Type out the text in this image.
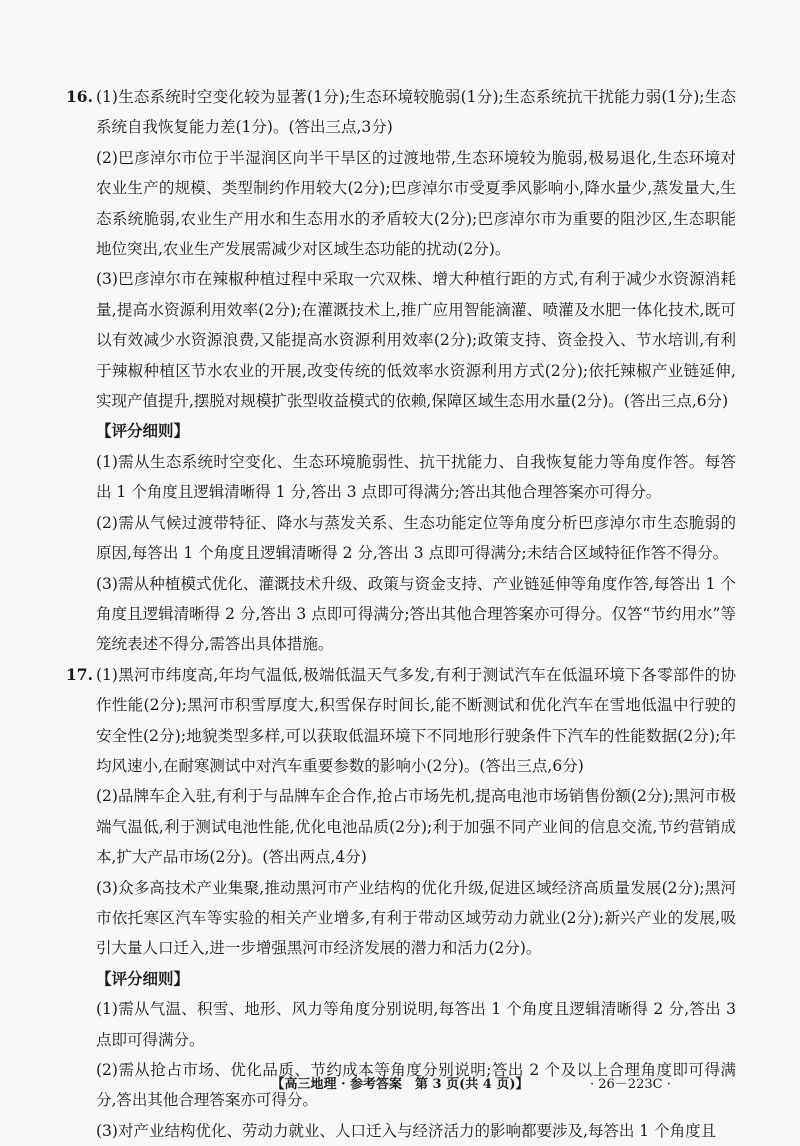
16. (1)生态系统时空变化较为显著(1分);生态环境较脆弱(1分);生态系统抗干扰能力弱(1分);生态系统自我恢复能力差(1分)。(答出三点,3分)

(2)巴彦淖尔市位于半湿润区向半干旱区的过渡地带,生态环境较为脆弱,极易退化,生态环境对农业生产的规模、类型制约作用较大(2分);巴彦淖尔市受夏季风影响小,降水量少,蒸发量大,生态系统脆弱,农业生产用水和生态用水的矛盾较大(2分);巴彦淖尔市为重要的阻沙区,生态职能地位突出,农业生产发展需减少对区域生态功能的扰动(2分)。

(3)巴彦淖尔市在辣椒种植过程中采取一穴双株、增大种植行距的方式,有利于减少水资源消耗量,提高水资源利用效率(2分);在灌溉技术上,推广应用智能滴灌、喷灌及水肥一体化技术,既可以有效减少水资源浪费,又能提高水资源利用效率(2分);政策支持、资金投入、节水培训,有利于辣椒种植区节水农业的开展,改变传统的低效率水资源利用方式(2分);依托辣椒产业链延伸,实现产值提升,摆脱对规模扩张型收益模式的依赖,保障区域生态用水量(2分)。(答出三点,6分)

【评分细则】

(1)需从生态系统时空变化、生态环境脆弱性、抗干扰能力、自我恢复能力等角度作答。每答出 1 个角度且逻辑清晰得 1 分,答出 3 点即可得满分;答出其他合理答案亦可得分。

(2)需从气候过渡带特征、降水与蒸发关系、生态功能定位等角度分析巴彦淖尔市生态脆弱的原因,每答出 1 个角度且逻辑清晰得 2 分,答出 3 点即可得满分;未结合区域特征作答不得分。

(3)需从种植模式优化、灌溉技术升级、政策与资金支持、产业链延伸等角度作答,每答出 1 个角度且逻辑清晰得 2 分,答出 3 点即可得满分;答出其他合理答案亦可得分。仅答“节约用水”等笼统表述不得分,需答出具体措施。

17. (1)黑河市纬度高,年均气温低,极端低温天气多发,有利于测试汽车在低温环境下各零部件的协作性能(2分);黑河市积雪厚度大,积雪保存时间长,能不断测试和优化汽车在雪地低温中行驶的安全性(2分);地貌类型多样,可以获取低温环境下不同地形行驶条件下汽车的性能数据(2分);年均风速小,在耐寒测试中对汽车重要参数的影响小(2分)。(答出三点,6分)

(2)品牌车企入驻,有利于与品牌车企合作,抢占市场先机,提高电池市场销售份额(2分);黑河市极端气温低,利于测试电池性能,优化电池品质(2分);利于加强不同产业间的信息交流,节约营销成本,扩大产品市场(2分)。(答出两点,4分)

(3)众多高技术产业集聚,推动黑河市产业结构的优化升级,促进区域经济高质量发展(2分);黑河市依托寒区汽车等实验的相关产业增多,有利于带动区域劳动力就业(2分);新兴产业的发展,吸引大量人口迁入,进一步增强黑河市经济发展的潜力和活力(2分)。

【评分细则】

(1)需从气温、积雪、地形、风力等角度分别说明,每答出 1 个角度且逻辑清晰得 2 分,答出 3 点即可得满分。

(2)需从抢占市场、优化品质、节约成本等角度分别说明;答出 2 个及以上合理角度即可得满分,答出其他合理答案亦可得分。

(3)对产业结构优化、劳动力就业、人口迁入与经济活力的影响都要涉及,每答出 1 个角度且

【高三地理 · 参考答案　第 3 页(共 4 页)】	· 26－223C ·
